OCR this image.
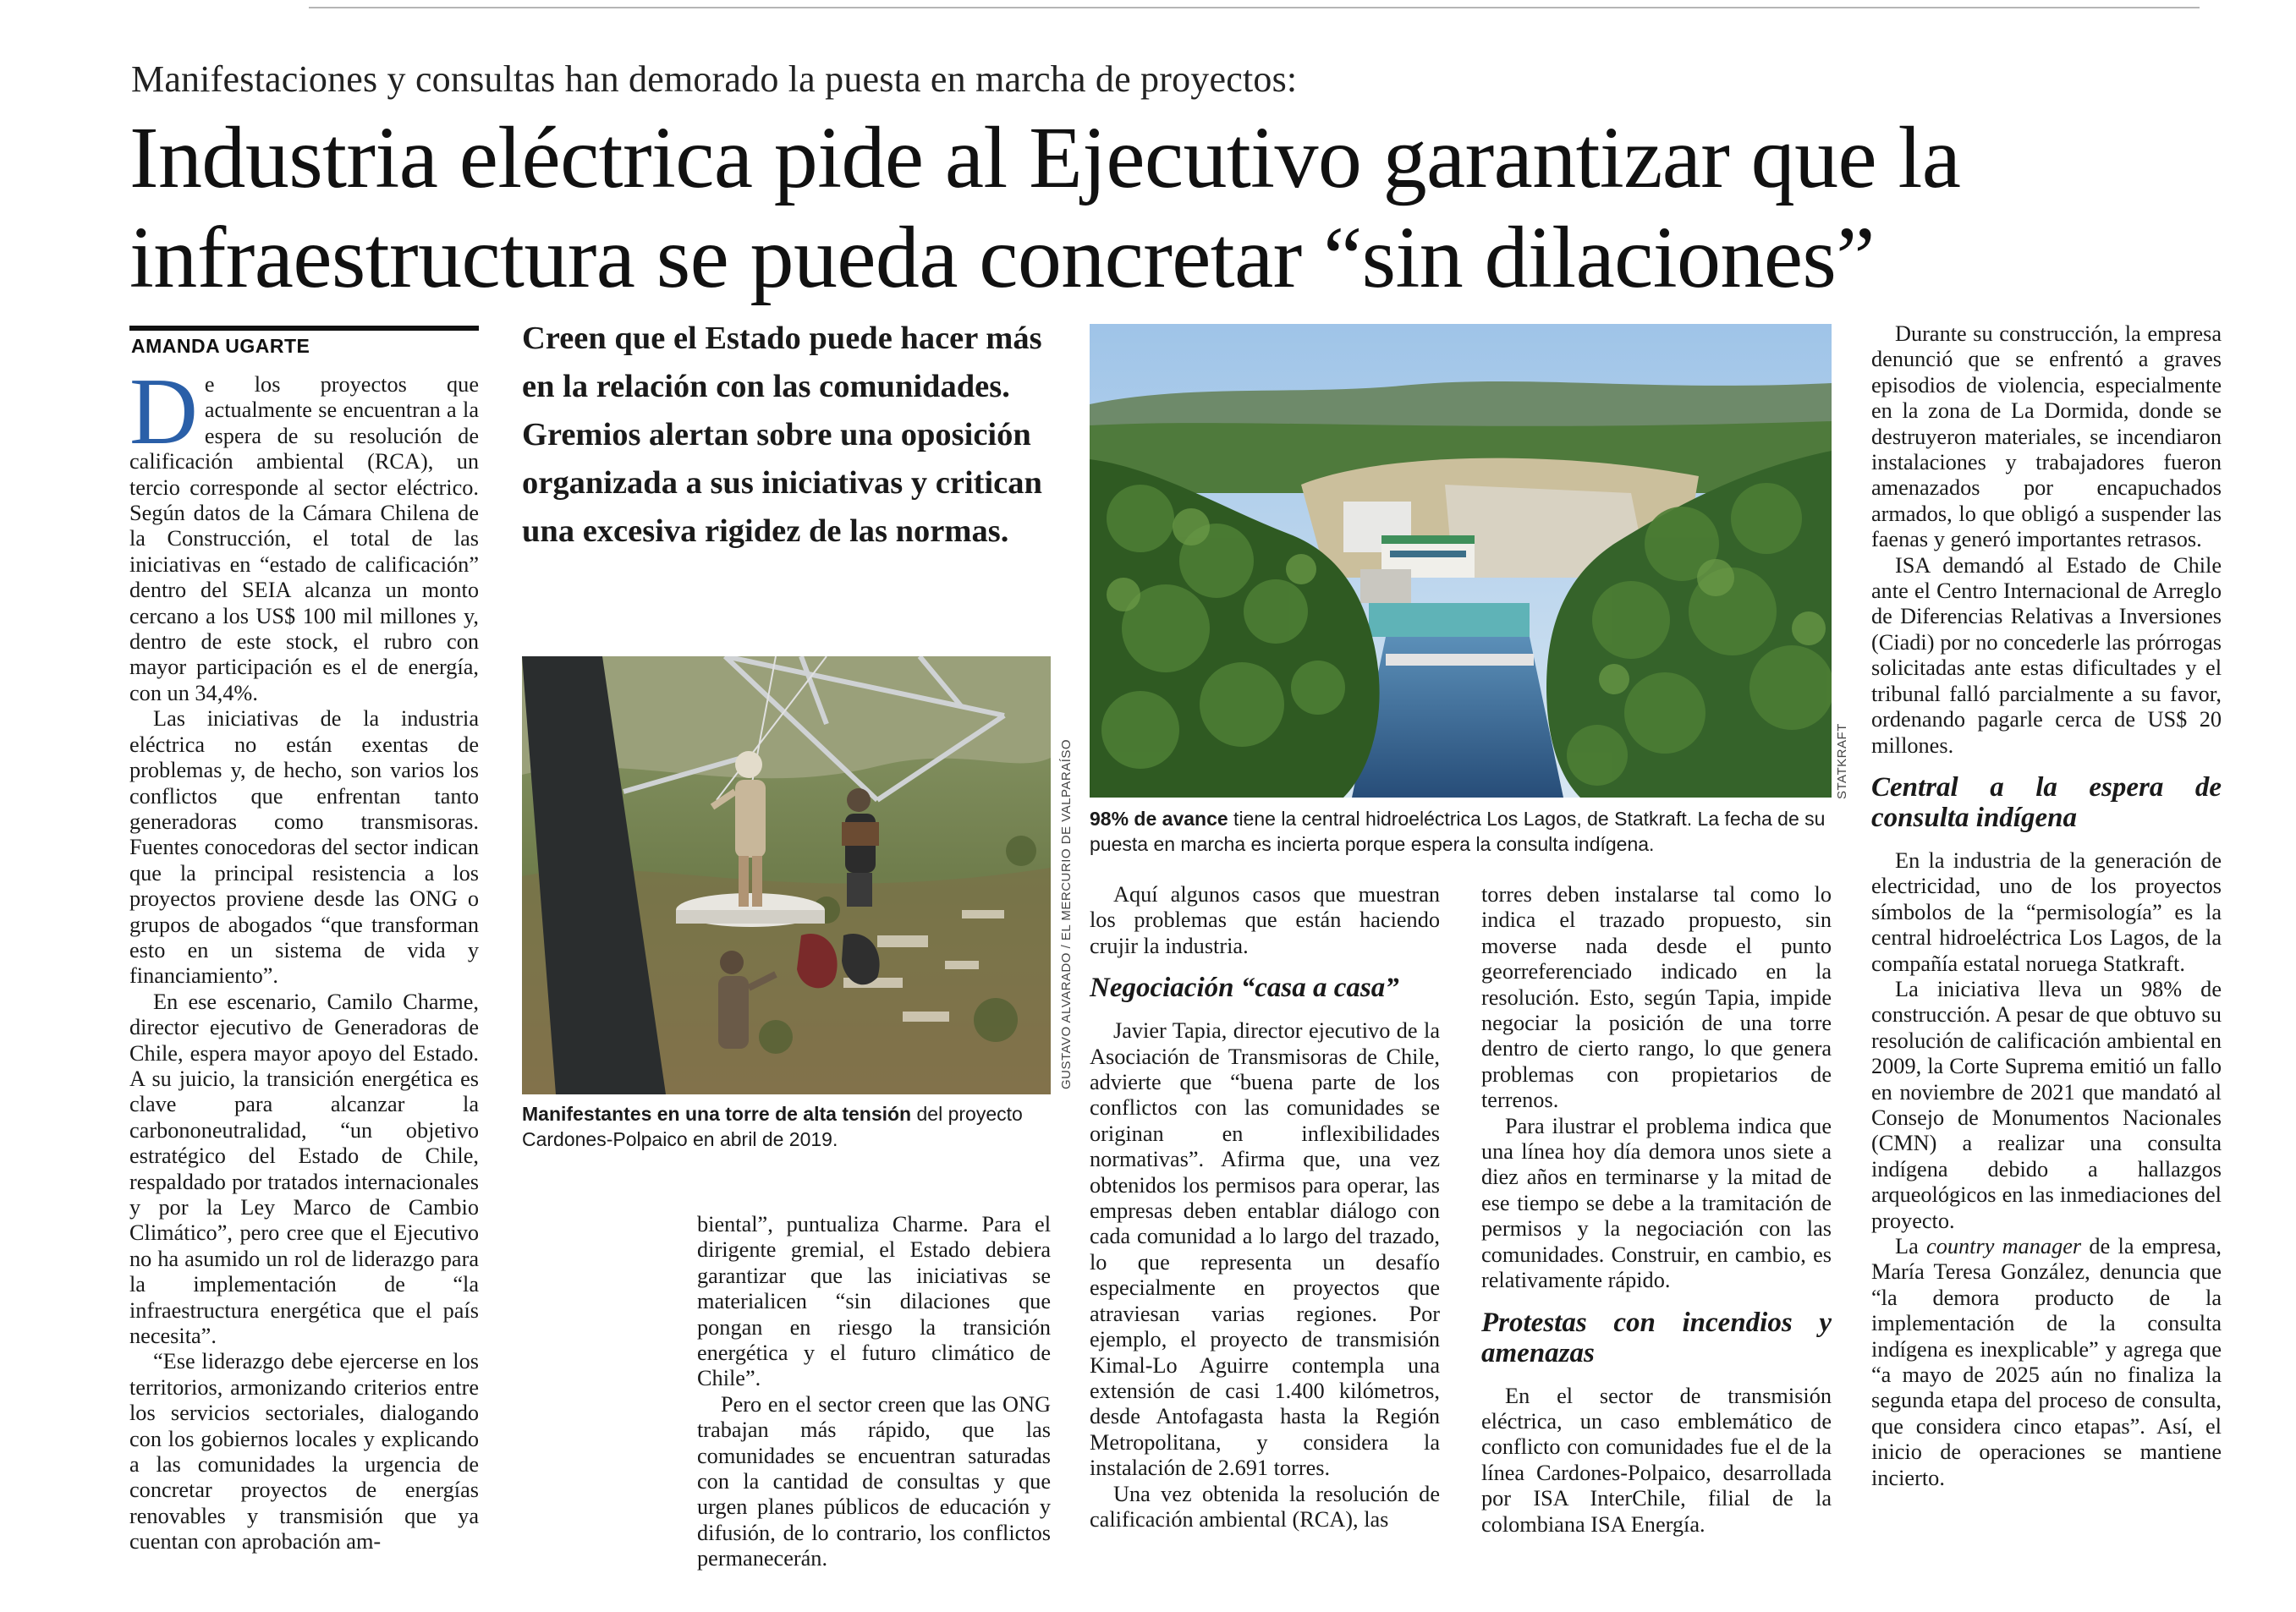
Manifestaciones y consultas han demorado la puesta en marcha de proyectos:
Industria eléctrica pide al Ejecutivo garantizar que la infraestructura se pueda concretar “sin dilaciones”
AMANDA UGARTE

De los proyectos que actualmente se encuentran a la espera de su resolución de calificación ambiental (RCA), un tercio corresponde al sector eléctrico. Según datos de la Cámara Chilena de la Construcción, el total de las iniciativas en “estado de calificación” dentro del SEIA alcanza un monto cercano a los US$ 100 mil millones y, dentro de este stock, el rubro con mayor participación es el de energía, con un 34,4%.

Las iniciativas de la industria eléctrica no están exentas de problemas y, de hecho, son varios los conflictos que enfrentan tanto generadoras como transmisoras. Fuentes conocedoras del sector indican que la principal resistencia a los proyectos proviene desde las ONG o grupos de abogados “que transforman esto en un sistema de vida y financiamiento”.

En ese escenario, Camilo Charme, director ejecutivo de Generadoras de Chile, espera mayor apoyo del Estado. A su juicio, la transición energética es clave para alcanzar la carbononeutralidad, “un objetivo estratégico del Estado de Chile, respaldado por tratados internacionales y por la Ley Marco de Cambio Climático”, pero cree que el Ejecutivo no ha asumido un rol de liderazgo para la implementación de “la infraestructura energética que el país necesita”.

“Ese liderazgo debe ejercerse en los territorios, armonizando criterios entre los servicios sectoriales, dialogando con los gobiernos locales y explicando a las comunidades la urgencia de concretar proyectos de energías renovables y transmisión que ya cuentan con aprobación am-

Creen que el Estado puede hacer más en la relación con las comunidades. Gremios alertan sobre una oposición organizada a sus iniciativas y critican una excesiva rigidez de las normas.

GUSTAVO ALVARADO / EL MERCURIO DE VALPARAÍSO

Manifestantes en una torre de alta tensión del proyecto Cardones-Polpaico en abril de 2019.

biental”, puntualiza Charme. Para el dirigente gremial, el Estado debiera garantizar que las iniciativas se materialicen “sin dilaciones que pongan en riesgo la transición energética y el futuro climático de Chile”.

Pero en el sector creen que las ONG trabajan más rápido, que las comunidades se encuentran saturadas con la cantidad de consultas y que urgen planes públicos de educación y difusión, de lo contrario, los conflictos permanecerán.

STATKRAFT

98% de avance tiene la central hidroeléctrica Los Lagos, de Statkraft. La fecha de su puesta en marcha es incierta porque espera la consulta indígena.

Aquí algunos casos que muestran los problemas que están haciendo crujir la industria.

Negociación “casa a casa”

Javier Tapia, director ejecutivo de la Asociación de Transmisoras de Chile, advierte que “buena parte de los conflictos con las comunidades se originan en inflexibilidades normativas”. Afirma que, una vez obtenidos los permisos para operar, las empresas deben entablar diálogo con cada comunidad a lo largo del trazado, lo que representa un desafío especialmente en proyectos que atraviesan varias regiones. Por ejemplo, el proyecto de transmisión Kimal-Lo Aguirre contempla una extensión de casi 1.400 kilómetros, desde Antofagasta hasta la Región Metropolitana, y considera la instalación de 2.691 torres.

Una vez obtenida la resolución de calificación ambiental (RCA), las

torres deben instalarse tal como lo indica el trazado propuesto, sin moverse nada desde el punto georreferenciado indicado en la resolución. Esto, según Tapia, impide negociar la posición de una torre dentro de cierto rango, lo que genera problemas con propietarios de terrenos.

Para ilustrar el problema indica que una línea hoy día demora unos siete a diez años en terminarse y la mitad de ese tiempo se debe a la tramitación de permisos y la negociación con las comunidades. Construir, en cambio, es relativamente rápido.

Protestas con incendios y amenazas

En el sector de transmisión eléctrica, un caso emblemático de conflicto con comunidades fue el de la línea Cardones-Polpaico, desarrollada por ISA InterChile, filial de la colombiana ISA Energía.

Durante su construcción, la empresa denunció que se enfrentó a graves episodios de violencia, especialmente en la zona de La Dormida, donde se destruyeron materiales, se incendiaron instalaciones y trabajadores fueron amenazados por encapuchados armados, lo que obligó a suspender las faenas y generó importantes retrasos.

ISA demandó al Estado de Chile ante el Centro Internacional de Arreglo de Diferencias Relativas a Inversiones (Ciadi) por no concederle las prórrogas solicitadas ante estas dificultades y el tribunal falló parcialmente a su favor, ordenando pagarle cerca de US$ 20 millones.

Central a la espera de consulta indígena

En la industria de la generación de electricidad, uno de los proyectos símbolos de la “permisología” es la central hidroeléctrica Los Lagos, de la compañía estatal noruega Statkraft.

La iniciativa lleva un 98% de construcción. A pesar de que obtuvo su resolución de calificación ambiental en 2009, la Corte Suprema emitió un fallo en noviembre de 2021 que mandató al Consejo de Monumentos Nacionales (CMN) a realizar una consulta indígena debido a hallazgos arqueológicos en las inmediaciones del proyecto.

La country manager de la empresa, María Teresa González, denuncia que “la demora producto de la implementación de la consulta indígena es inexplicable” y agrega que “a mayo de 2025 aún no finaliza la segunda etapa del proceso de consulta, que considera cinco etapas”. Así, el inicio de operaciones se mantiene incierto.
